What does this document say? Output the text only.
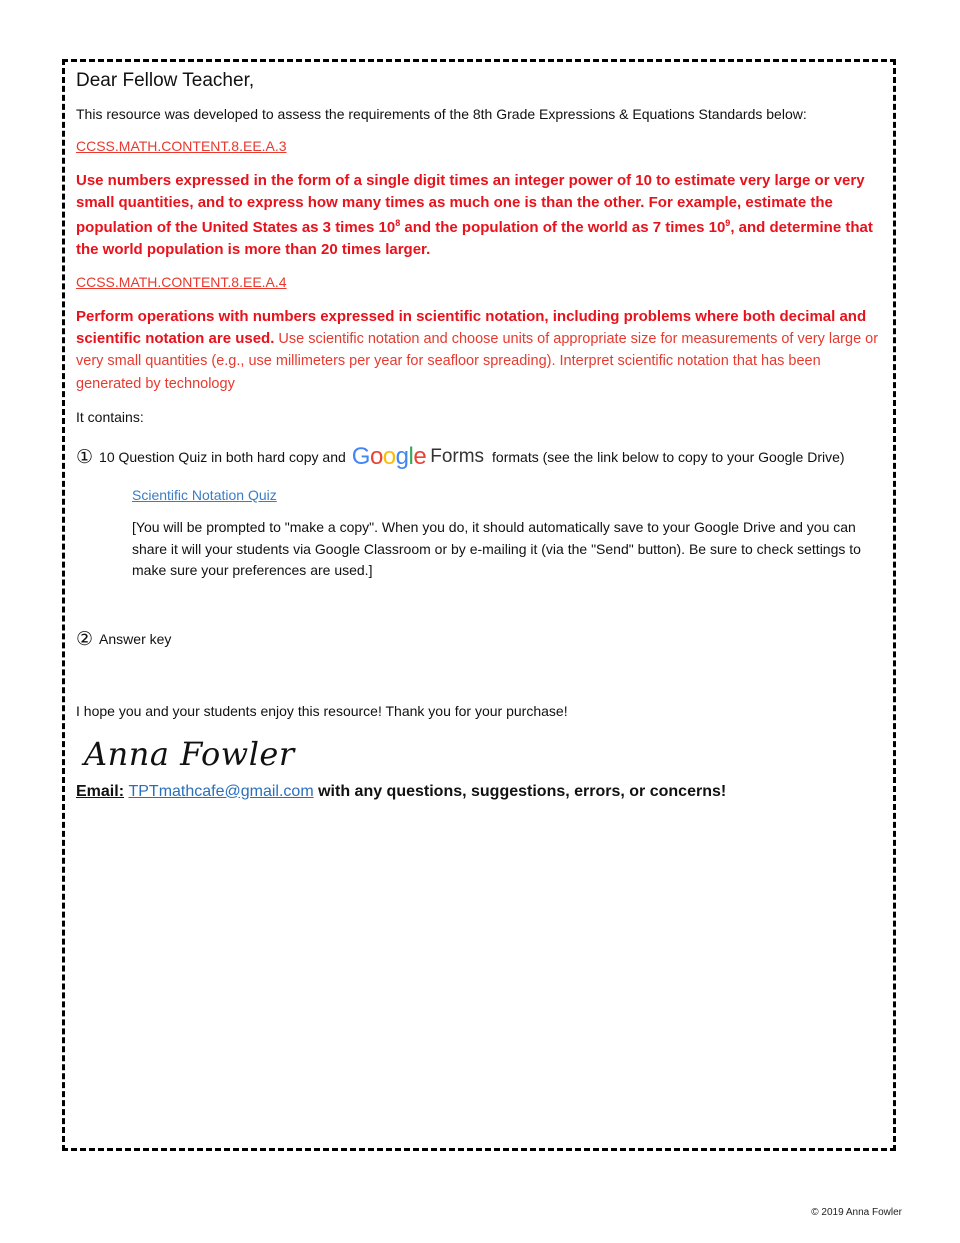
Dear Fellow Teacher,

This resource was developed to assess the requirements of the 8th Grade Expressions & Equations Standards below:

CCSS.MATH.CONTENT.8.EE.A.3

Use numbers expressed in the form of a single digit times an integer power of 10 to estimate very large or very small quantities, and to express how many times as much one is than the other. For example, estimate the population of the United States as 3 times $10^8$ and the population of the world as 7 times $10^9$, and determine that the world population is more than 20 times larger.

CCSS.MATH.CONTENT.8.EE.A.4

Perform operations with numbers expressed in scientific notation, including problems where both decimal and scientific notation are used. Use scientific notation and choose units of appropriate size for measurements of very large or very small quantities (e.g., use millimeters per year for seafloor spreading). Interpret scientific notation that has been generated by technology

It contains:

① 10 Question Quiz in both hard copy and Google Forms formats (see the link below to copy to your Google Drive)
Scientific Notation Quiz

[You will be prompted to "make a copy". When you do, it should automatically save to your Google Drive and you can share it will your students via Google Classroom or by e-mailing it (via the "Send" button). Be sure to check settings to make sure your preferences are used.]

② Answer key

I hope you and your students enjoy this resource! Thank you for your purchase!

Anna Fowler
Email: TPTmathcafe@gmail.com with any questions, suggestions, errors, or concerns!
© 2019 Anna Fowler
